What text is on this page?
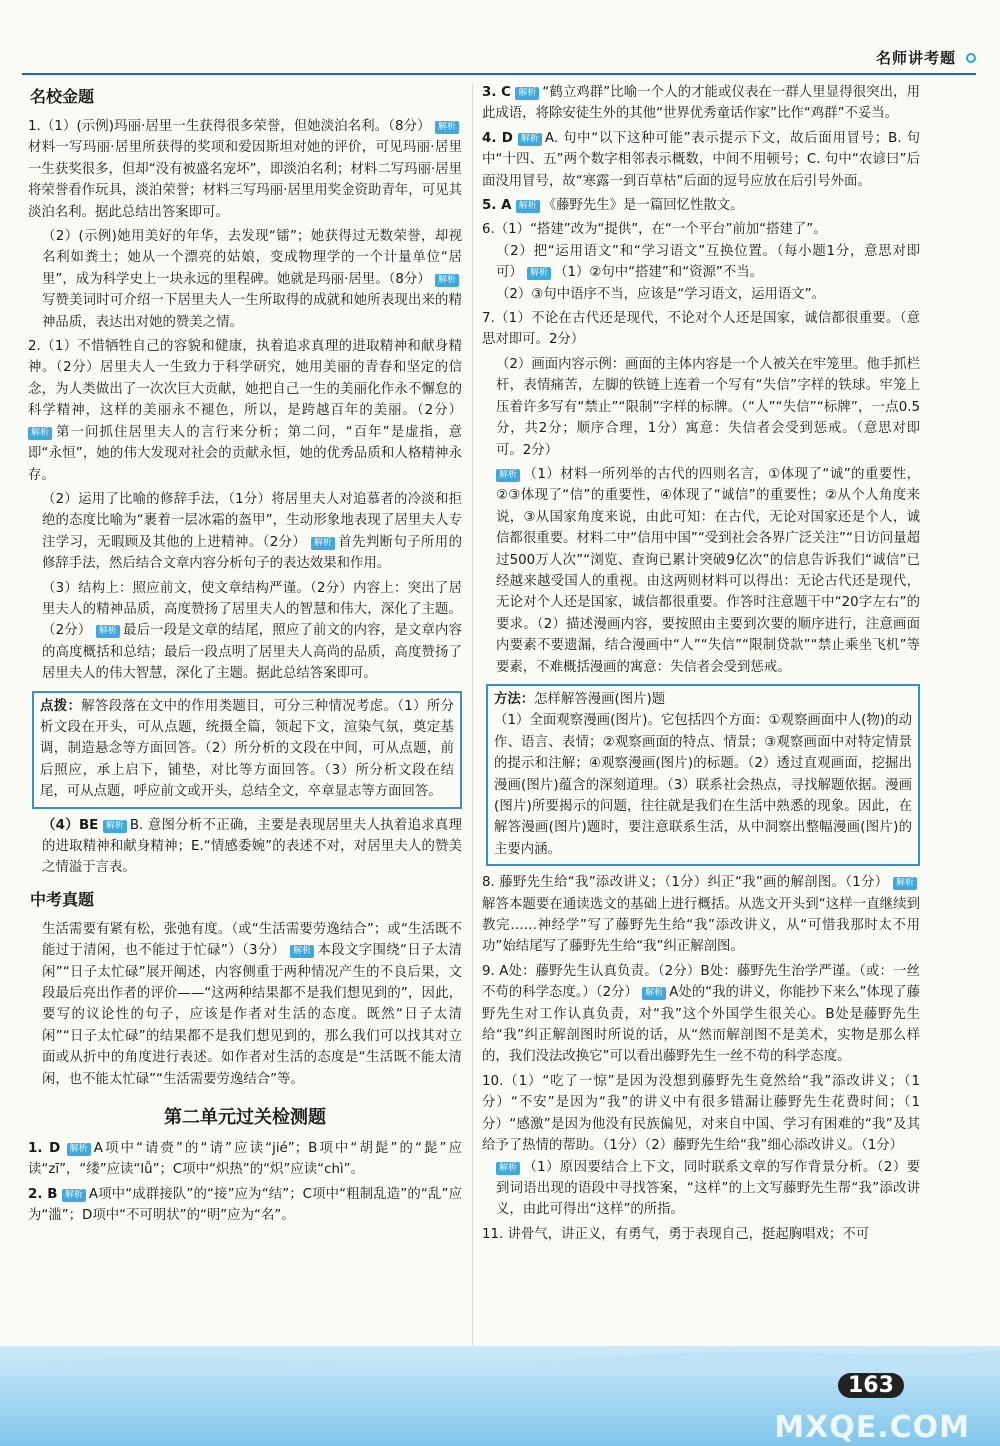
名师讲考题
名校金题

1.（1）(示例)玛丽·居里一生获得很多荣誉，但她淡泊名利。（8分） 解析材料一写玛丽·居里所获得的奖项和爱因斯坦对她的评价，可见玛丽·居里一生获奖很多，但却“没有被盛名宠坏”，即淡泊名利；材料二写玛丽·居里将荣誉看作玩具，淡泊荣誉；材料三写玛丽·居里用奖金资助青年，可见其淡泊名利。据此总结出答案即可。

（2）(示例)她用美好的年华，去发现“镭”；她获得过无数荣誉，却视名利如粪土；她从一个漂亮的姑娘，变成物理学的一个计量单位“居里”，成为科学史上一块永远的里程碑。她就是玛丽·居里。（8分） 解析写赞美词时可介绍一下居里夫人一生所取得的成就和她所表现出来的精神品质，表达出对她的赞美之情。

2.（1）不惜牺牲自己的容貌和健康，执着追求真理的进取精神和献身精神。（2分）居里夫人一生致力于科学研究，她用美丽的青春和坚定的信念，为人类做出了一次次巨大贡献，她把自己一生的美丽化作永不懈怠的科学精神，这样的美丽永不褪色，所以，是跨越百年的美丽。（2分） 解析 第一问抓住居里夫人的言行来分析；第二问，“百年”是虚指，意即“永恒”，她的伟大发现对社会的贡献永恒，她的优秀品质和人格精神永存。

（2）运用了比喻的修辞手法，（1分）将居里夫人对追慕者的冷淡和拒绝的态度比喻为“裹着一层冰霜的盔甲”，生动形象地表现了居里夫人专注学习，无暇顾及其他的上进精神。（2分） 解析 首先判断句子所用的修辞手法，然后结合文章内容分析句子的表达效果和作用。

（3）结构上：照应前文，使文章结构严谨。（2分）内容上：突出了居里夫人的精神品质，高度赞扬了居里夫人的智慧和伟大，深化了主题。（2分） 解析 最后一段是文章的结尾，照应了前文的内容，是文章内容的高度概括和总结；最后一段点明了居里夫人高尚的品质，高度赞扬了居里夫人的伟大智慧，深化了主题。据此总结答案即可。

点拨：解答段落在文中的作用类题目，可分三种情况考虑。（1）所分析文段在开头，可从点题，统摄全篇，领起下文，渲染气氛，奠定基调，制造悬念等方面回答。（2）所分析的文段在中间，可从点题，前后照应，承上启下，铺垫，对比等方面回答。（3）所分析文段在结尾，可从点题，呼应前文或开头，总结全文，卒章显志等方面回答。

（4）BE 解析 B. 意图分析不正确，主要是表现居里夫人执着追求真理的进取精神和献身精神；E.“情感委婉”的表述不对，对居里夫人的赞美之情溢于言表。

中考真题

生活需要有紧有松，张弛有度。（或“生活需要劳逸结合”；或“生活既不能过于清闲，也不能过于忙碌”）（3分） 解析 本段文字围绕“日子太清闲”“日子太忙碌”展开阐述，内容侧重于两种情况产生的不良后果，文段最后亮出作者的评价——“这两种结果都不是我们想见到的”，因此，要写的议论性的句子，应该是作者对生活的态度。既然“日子太清闲”“日子太忙碌”的结果都不是我们想见到的，那么我们可以找其对立面或从折中的角度进行表述。如作者对生活的态度是“生活既不能太清闲，也不能太忙碌”“生活需要劳逸结合”等。

第二单元过关检测题

1. D 解析 A项中“请赍”的“请”应读“jié”；B项中“胡髭”的“髭”应读“zī”，“缕”应读“lǚ”；C项中“炽热”的“炽”应读“chì”。

2. B 解析 A项中“成群接队”的“接”应为“结”；C项中“粗制乱造”的“乱”应为“滥”；D项中“不可明状”的“明”应为“名”。

3. C 解析 “鹤立鸡群”比喻一个人的才能或仪表在一群人里显得很突出，用此成语，将除安徒生外的其他“世界优秀童话作家”比作“鸡群”不妥当。

4. D 解析 A. 句中“以下这种可能”表示提示下文，故后面用冒号；B. 句中“十四、五”两个数字相邻表示概数，中间不用顿号；C. 句中“农谚曰”后面没用冒号，故“寒露一到百草枯”后面的逗号应放在后引号外面。

5. A 解析 《藤野先生》是一篇回忆性散文。

6.（1）“搭建”改为“提供”，在“一个平台”前加“搭建了”。

（2）把“运用语文”和“学习语文”互换位置。（每小题1分，意思对即可） 解析 （1）②句中“搭建”和“资源”不当。

（2）③句中语序不当，应该是“学习语文，运用语文”。

7.（1）不论在古代还是现代，不论对个人还是国家，诚信都很重要。（意思对即可。2分）

（2）画面内容示例：画面的主体内容是一个人被关在牢笼里。他手抓栏杆，表情痛苦，左脚的铁链上连着一个写有“失信”字样的铁球。牢笼上压着许多写有“禁止”“限制”字样的标牌。（“人”“失信”“标牌”，一点0.5分，共2分；顺序合理，1分）寓意：失信者会受到惩戒。（意思对即可。2分）

解析 （1）材料一所列举的古代的四则名言，①体现了“诚”的重要性，②③体现了“信”的重要性，④体现了“诚信”的重要性；②从个人角度来说，③从国家角度来说，由此可知：在古代，无论对国家还是个人，诚信都很重要。材料二中“信用中国”“受到社会各界广泛关注”“日访问量超过500万人次”“浏览、查询已累计突破9亿次”的信息告诉我们“诚信”已经越来越受国人的重视。由这两则材料可以得出：无论古代还是现代，无论对个人还是国家，诚信都很重要。作答时注意题干中“20字左右”的要求。（2）描述漫画内容，要按照由主要到次要的顺序进行，注意画面内要素不要遗漏，结合漫画中“人”“失信”“限制贷款”“禁止乘坐飞机”等要素，不难概括漫画的寓意：失信者会受到惩戒。

方法：怎样解答漫画(图片)题

（1）全面观察漫画(图片)。它包括四个方面：①观察画面中人(物)的动作、语言、表情；②观察画面的特点、情景；③观察画面中对特定情景的提示和注解；④观察漫画(图片)的标题。（2）透过直观画面，挖掘出漫画(图片)蕴含的深刻道理。（3）联系社会热点，寻找解题依据。漫画(图片)所要揭示的问题，往往就是我们在生活中熟悉的现象。因此，在解答漫画(图片)题时，要注意联系生活，从中洞察出整幅漫画(图片)的主要内涵。

8. 藤野先生给“我”添改讲义；（1分）纠正“我”画的解剖图。（1分） 解析解答本题要在通读选文的基础上进行概括。从选文开头到“这样一直继续到教完……神经学”写了藤野先生给“我”添改讲义，从“可惜我那时太不用功”始结尾写了藤野先生给“我”纠正解剖图。

9. A处：藤野先生认真负责。（2分）B处：藤野先生治学严谨。（或：一丝不苟的科学态度。）（2分） 解析 A处的“我的讲义，你能抄下来么”体现了藤野先生对工作认真负责，对“我”这个外国学生很关心。B处是藤野先生给“我”纠正解剖图时所说的话，从“然而解剖图不是美术，实物是那么样的，我们没法改换它”可以看出藤野先生一丝不苟的科学态度。

10.（1）“吃了一惊”是因为没想到藤野先生竟然给“我”添改讲义；（1分）“不安”是因为“我”的讲义中有很多错漏让藤野先生花费时间；（1分）“感激”是因为他没有民族偏见，对来自中国、学习有困难的“我”及其给予了热情的帮助。（1分）（2）藤野先生给“我”细心添改讲义。（1分）

解析 （1）原因要结合上下文，同时联系文章的写作背景分析。（2）要到词语出现的语段中寻找答案，“这样”的上文写藤野先生帮“我”添改讲义，由此可得出“这样”的所指。

11. 讲骨气，讲正义，有勇气，勇于表现自己，挺起胸唱戏；不可

163
MXQE.COM
